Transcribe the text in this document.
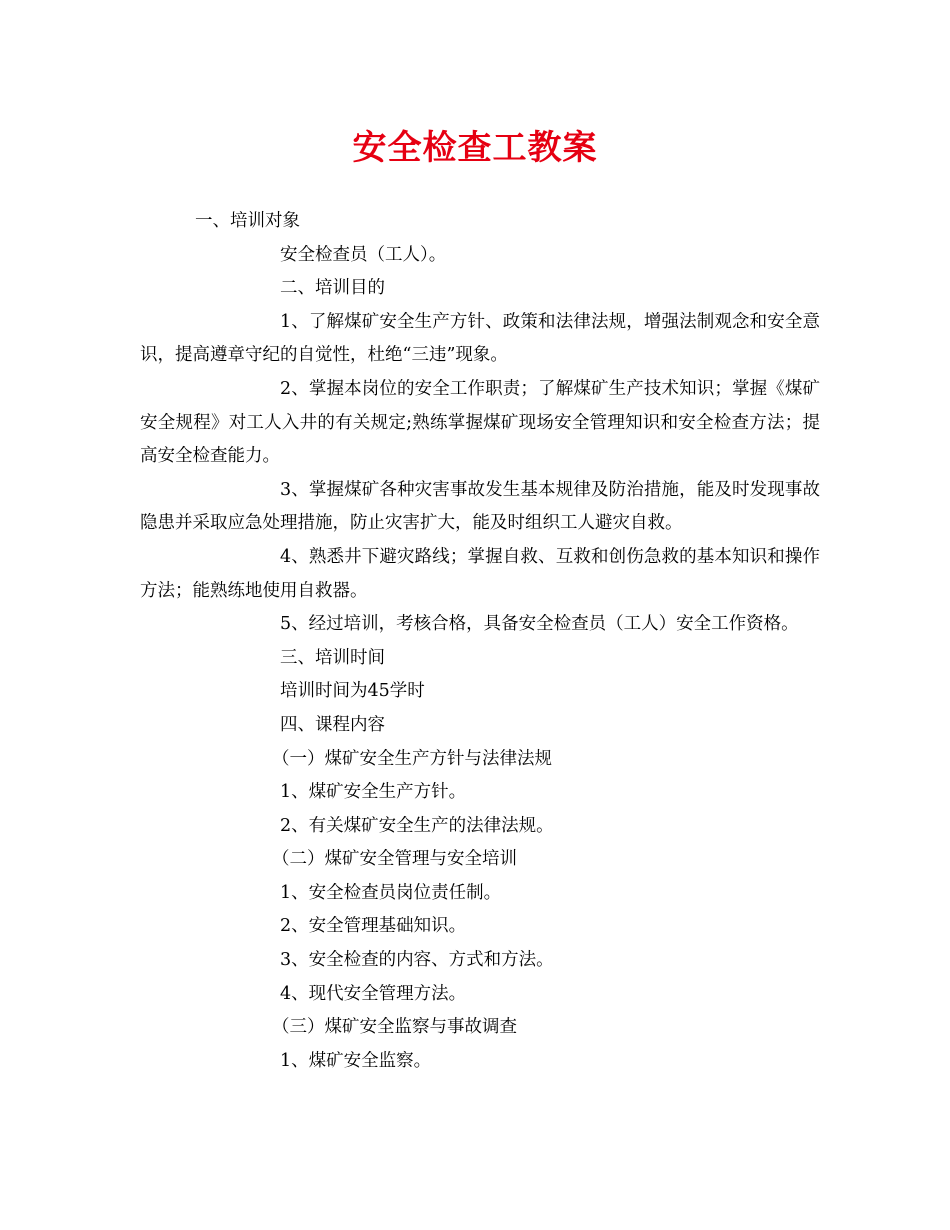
安全检查工教案

一、培训对象

安全检查员（工人）。

二、培训目的

1、了解煤矿安全生产方针、政策和法律法规，增强法制观念和安全意识，提高遵章守纪的自觉性，杜绝“三违”现象。

2、掌握本岗位的安全工作职责；了解煤矿生产技术知识；掌握《煤矿安全规程》对工人入井的有关规定;熟练掌握煤矿现场安全管理知识和安全检查方法；提高安全检查能力。

3、掌握煤矿各种灾害事故发生基本规律及防治措施，能及时发现事故隐患并采取应急处理措施，防止灾害扩大，能及时组织工人避灾自救。

4、熟悉井下避灾路线；掌握自救、互救和创伤急救的基本知识和操作方法；能熟练地使用自救器。

5、经过培训，考核合格，具备安全检查员（工人）安全工作资格。

三、培训时间

培训时间为45学时

四、课程内容

（一）煤矿安全生产方针与法律法规

1、煤矿安全生产方针。

2、有关煤矿安全生产的法律法规。

（二）煤矿安全管理与安全培训

1、安全检查员岗位责任制。

2、安全管理基础知识。

3、安全检查的内容、方式和方法。

4、现代安全管理方法。

（三）煤矿安全监察与事故调查

1、煤矿安全监察。
